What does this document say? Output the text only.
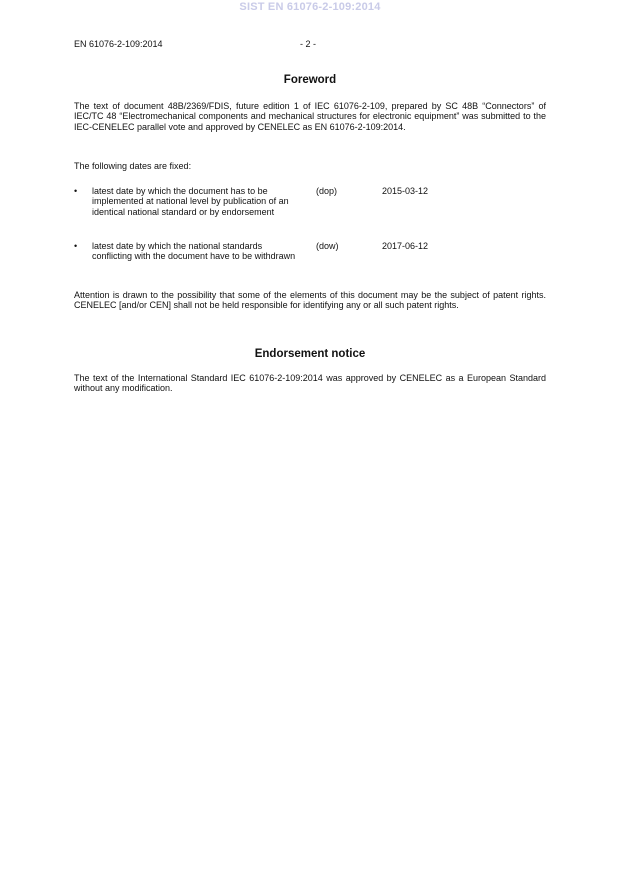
SIST EN 61076-2-109:2014
EN 61076-2-109:2014	- 2 -
Foreword

The text of document 48B/2369/FDIS, future edition 1 of IEC 61076-2-109, prepared by SC 48B “Connectors” of IEC/TC 48 “Electromechanical components and mechanical structures for electronic equipment” was submitted to the IEC-CENELEC parallel vote and approved by CENELEC as EN 61076-2-109:2014.

The following dates are fixed:

• latest date by which the document has to be implemented at national level by publication of an identical national standard or by endorsement
(dop)	2015-03-12
• latest date by which the national standards conflicting with the document have to be withdrawn
(dow)	2017-06-12

Attention is drawn to the possibility that some of the elements of this document may be the subject of patent rights. CENELEC [and/or CEN] shall not be held responsible for identifying any or all such patent rights.

Endorsement notice

The text of the International Standard IEC 61076-2-109:2014 was approved by CENELEC as a European Standard without any modification.
